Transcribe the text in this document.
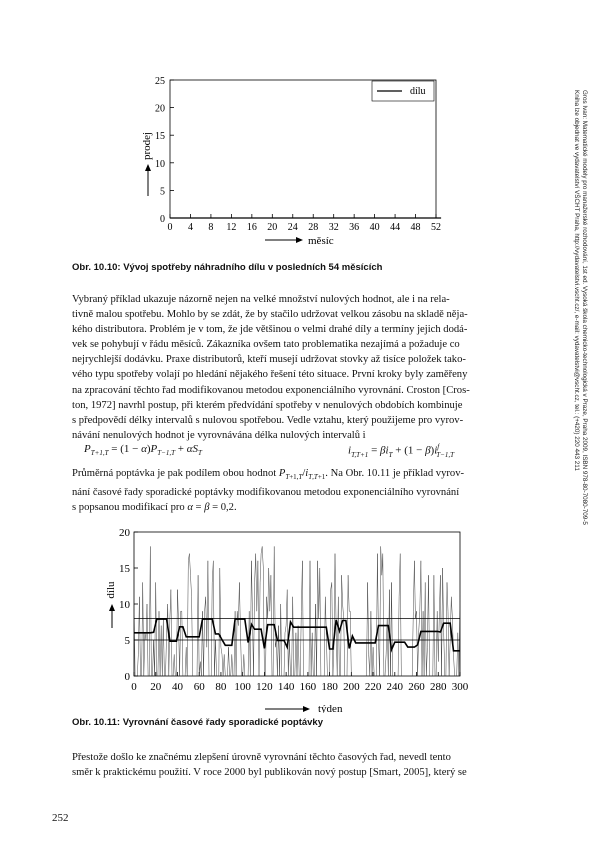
Gros Ivan: Matematické modely pro manažerské rozhodování, 1st ed. Vysoká škola chemicko-technologická v Praze, Praha 2009, ISBN 978-80-7080-709-5
Kniha lze objednat ve vydavatelství VŠCHT Praha, http://vydavatelstvi.vscht.cz/, e-mail: vydavatelstvi@vscht.cz, tel.: (+420) 220 443 211
0
5
10
15
20
25
0 4 8 12 16 20 24 28 32 36 40 44 48 52
dílu
prodej
měsíc
Obr. 10.10: Vývoj spotřeby náhradního dílu v posledních 54 měsících
Vybraný příklad ukazuje názorně nejen na velké množství nulových hodnot, ale i na rela-
tivně malou spotřebu. Mohlo by se zdát, že by stačilo udržovat velkou zásobu na skladě něja-
kého distributora. Problém je v tom, že jde většinou o velmi drahé díly a termíny jejich dodá-
vek se pohybují v řádu měsíců. Zákazníka ovšem tato problematika nezajímá a požaduje co
nejrychlejší dodávku. Praxe distributorů, kteří musejí udržovat stovky až tisíce položek tako-
vého typu spotřeby volají po hledání nějakého řešení této situace. První kroky byly zaměřeny
na zpracování těchto řad modifikovanou metodou exponenciálního vyrovnání. Croston [Cros-
ton, 1972] navrhl postup, při kterém předvídání spotřeby v nenulových obdobích kombinuje
s předpovědí délky intervalů s nulovou spotřebou. Vedle vztahu, který použijeme pro vyrov-
návání nenulových hodnot je vyrovnávána délka nulových intervalů i
$P_{T+1,T} = (1 - \alpha)P_{T-1,T} + \alpha S_T$	$i_{T,T+1} = \beta i_T + (1 - \beta)i^f_{T-1,T}$
Průměrná poptávka je pak podílem obou hodnot $P_{T+1,T}/i_{T,T+1}$. Na Obr. 10.11 je příklad vyrov-
nání časové řady sporadické poptávky modifikovanou metodou exponenciálního vyrovnání
s popsanou modifikací pro α = β = 0,2.
0
5
10
15
20
0 20 40 60 80 100 120 140 160 180 200 220 240 260 280 300
dílu
týden
Obr. 10.11: Vyrovnání časové řady sporadické poptávky
Přestože došlo ke značnému zlepšení úrovně vyrovnání těchto časových řad, nevedl tento
směr k praktickému použití. V roce 2000 byl publikován nový postup [Smart, 2005], který se
252
